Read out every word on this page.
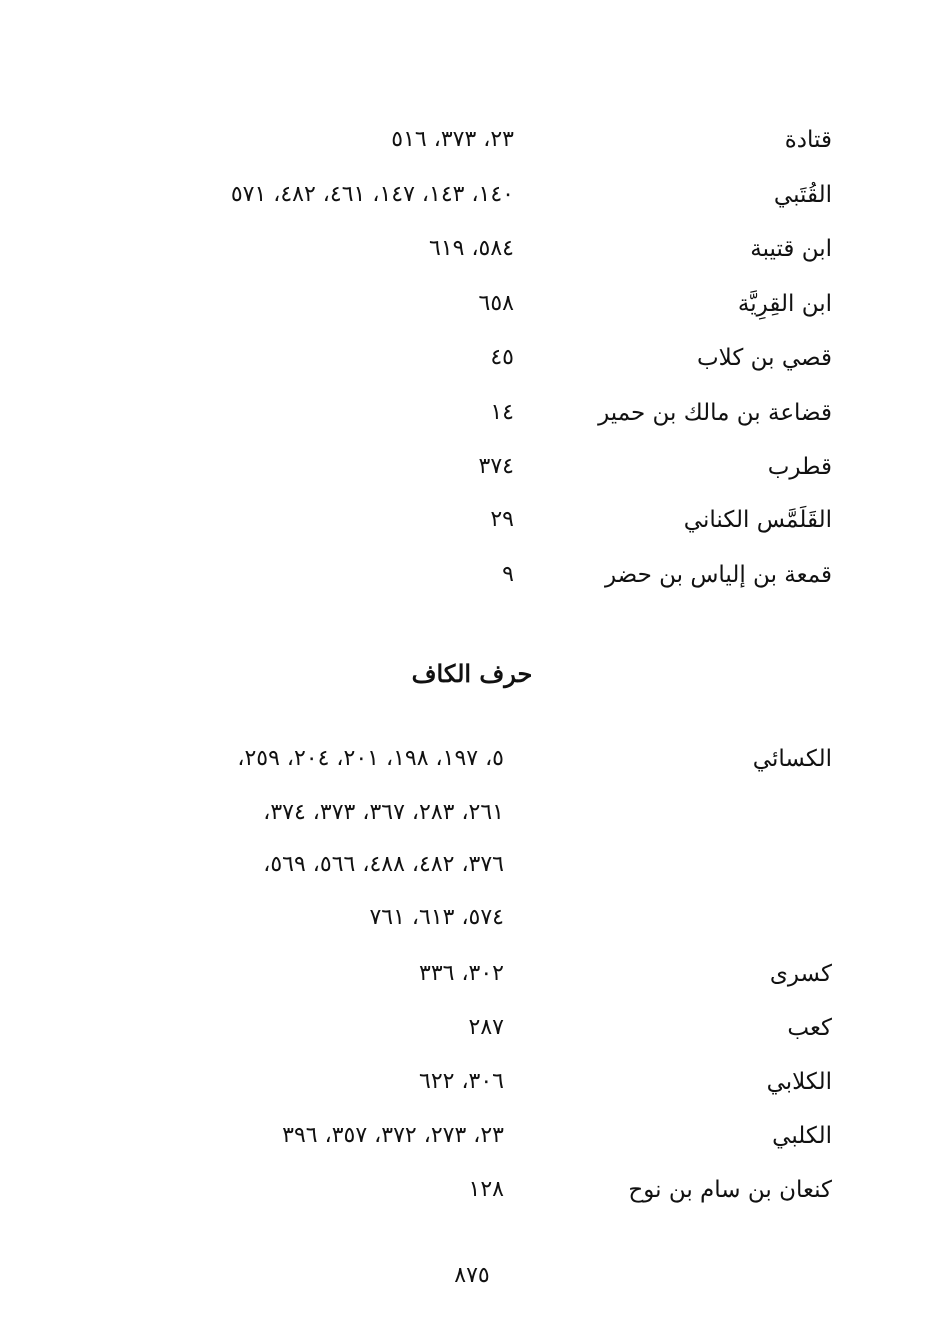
قتادة
٢٣، ٣٧٣، ٥١٦
القُتَبي
١٤٠، ١٤٣، ١٤٧، ٤٦١، ٤٨٢، ٥٧١
ابن قتيبة
٥٨٤، ٦١٩
ابن القِرِيَّة
٦٥٨
قصي بن كلاب
٤٥
قضاعة بن مالك بن حمير
١٤
قطرب
٣٧٤
القَلَمَّس الكناني
٢٩
قمعة بن إلياس بن حضر
٩
حرف الكاف
الكسائي
٥، ١٩٧، ١٩٨، ٢٠١، ٢٠٤، ٢٥٩،
٢٦١، ٢٨٣، ٣٦٧، ٣٧٣، ٣٧٤،
٣٧٦، ٤٨٢، ٤٨٨، ٥٦٦، ٥٦٩،
٥٧٤، ٦١٣، ٧٦١
كسرى
٣٠٢، ٣٣٦
كعب
٢٨٧
الكلابي
٣٠٦، ٦٢٢
الكلبي
٢٣، ٢٧٣، ٣٧٢، ٣٥٧، ٣٩٦
كنعان بن سام بن نوح
١٢٨
٨٧٥
